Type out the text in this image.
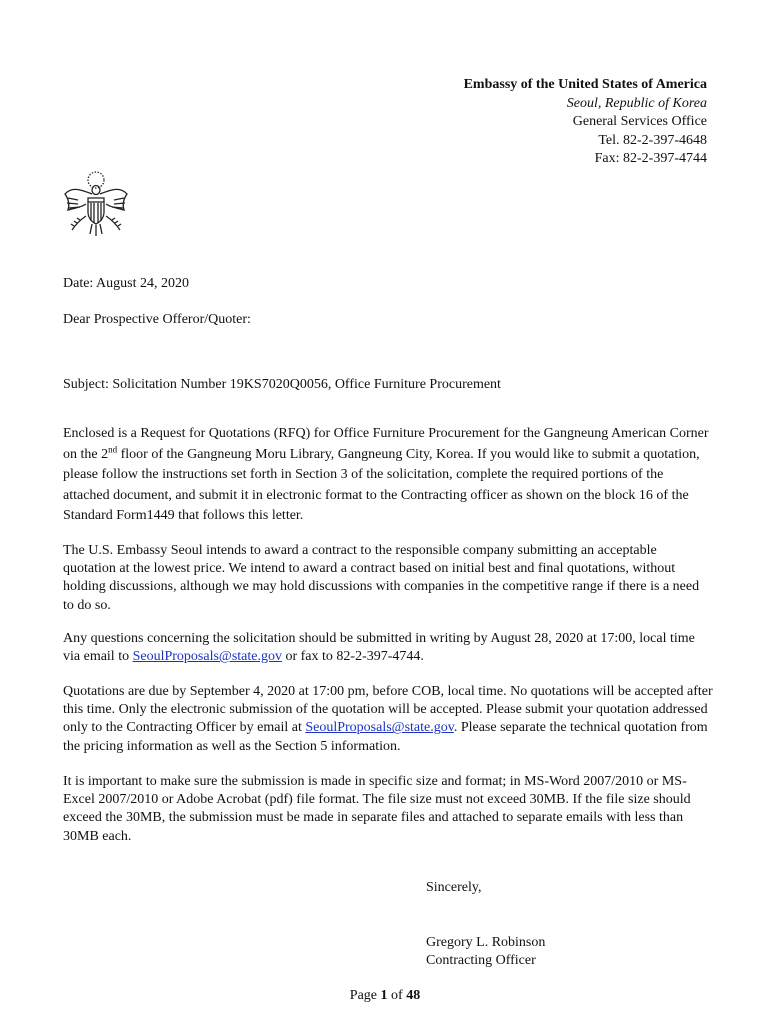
Embassy of the United States of America
Seoul, Republic of Korea
General Services Office
Tel. 82-2-397-4648
Fax: 82-2-397-4744
Date: August 24, 2020
Dear Prospective Offeror/Quoter:
Subject: Solicitation Number 19KS7020Q0056, Office Furniture Procurement
Enclosed is a Request for Quotations (RFQ) for Office Furniture Procurement for the Gangneung American Corner on the 2nd floor of the Gangneung Moru Library, Gangneung City, Korea. If you would like to submit a quotation, please follow the instructions set forth in Section 3 of the solicitation, complete the required portions of the attached document, and submit it in electronic format to the Contracting officer as shown on the block 16 of the Standard Form1449 that follows this letter.
The U.S. Embassy Seoul intends to award a contract to the responsible company submitting an acceptable quotation at the lowest price. We intend to award a contract based on initial best and final quotations, without holding discussions, although we may hold discussions with companies in the competitive range if there is a need to do so.
Any questions concerning the solicitation should be submitted in writing by August 28, 2020 at 17:00, local time via email to SeoulProposals@state.gov or fax to 82-2-397-4744.
Quotations are due by September 4, 2020 at 17:00 pm, before COB, local time. No quotations will be accepted after this time. Only the electronic submission of the quotation will be accepted. Please submit your quotation addressed only to the Contracting Officer by email at SeoulProposals@state.gov. Please separate the technical quotation from the pricing information as well as the Section 5 information.
It is important to make sure the submission is made in specific size and format; in MS-Word 2007/2010 or MS-Excel 2007/2010 or Adobe Acrobat (pdf) file format. The file size must not exceed 30MB. If the file size should exceed the 30MB, the submission must be made in separate files and attached to separate emails with less than 30MB each.
Sincerely,
Gregory L. Robinson
Contracting Officer
Page 1 of 48
